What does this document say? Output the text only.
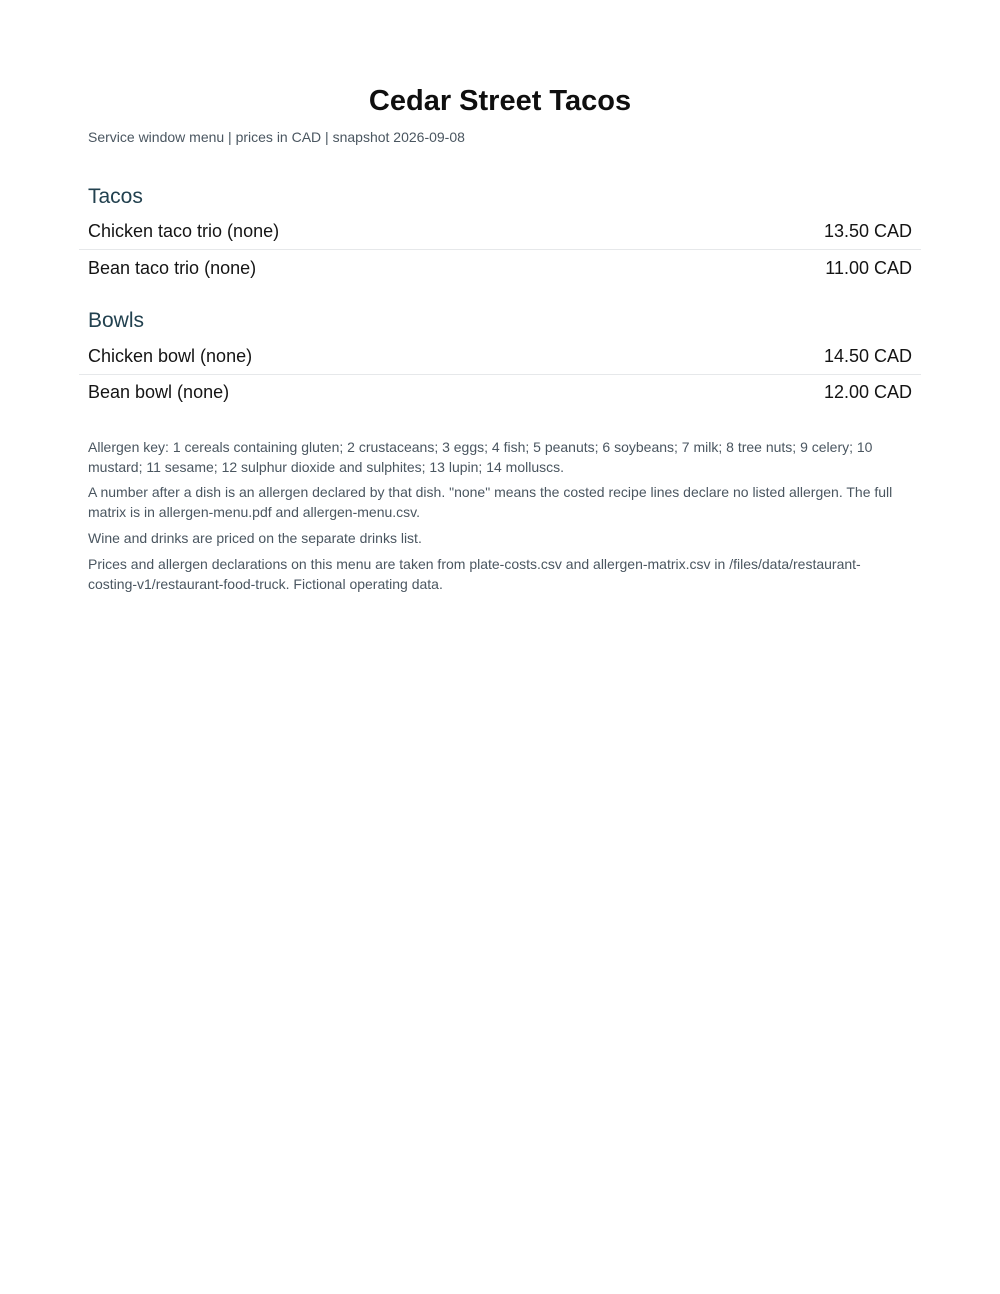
Cedar Street Tacos
Service window menu | prices in CAD | snapshot 2026-09-08
Tacos
Chicken taco trio (none)	13.50 CAD
Bean taco trio (none)	11.00 CAD
Bowls
Chicken bowl (none)	14.50 CAD
Bean bowl (none)	12.00 CAD
Allergen key: 1 cereals containing gluten; 2 crustaceans; 3 eggs; 4 fish; 5 peanuts; 6 soybeans; 7 milk; 8 tree nuts; 9 celery; 10 mustard; 11 sesame; 12 sulphur dioxide and sulphites; 13 lupin; 14 molluscs.
A number after a dish is an allergen declared by that dish. "none" means the costed recipe lines declare no listed allergen. The full matrix is in allergen-menu.pdf and allergen-menu.csv.
Wine and drinks are priced on the separate drinks list.
Prices and allergen declarations on this menu are taken from plate-costs.csv and allergen-matrix.csv in /files/data/restaurant-costing-v1/restaurant-food-truck. Fictional operating data.
